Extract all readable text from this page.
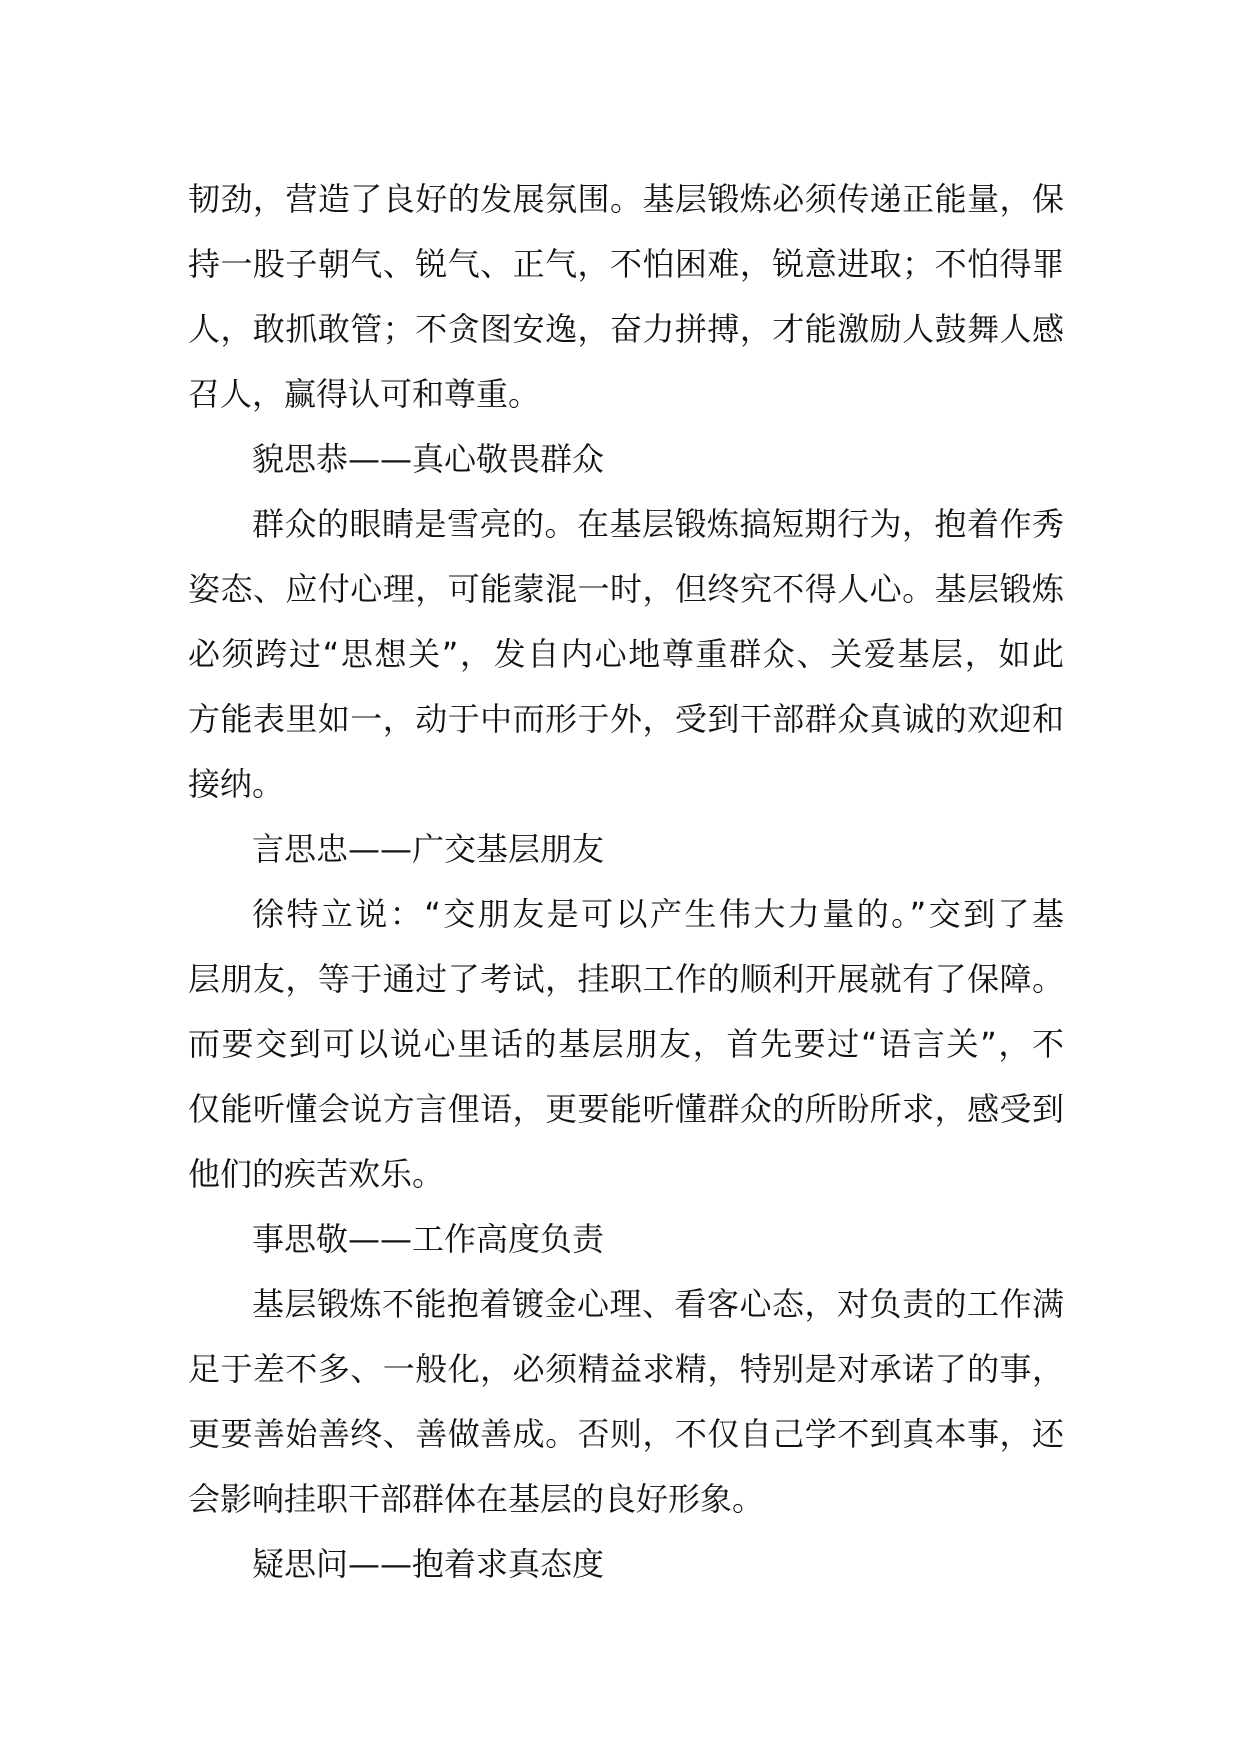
韧劲，营造了良好的发展氛围。基层锻炼必须传递正能量，保
持一股子朝气、锐气、正气，不怕困难，锐意进取；不怕得罪
人，敢抓敢管；不贪图安逸，奋力拼搏，才能激励人鼓舞人感
召人，赢得认可和尊重。
貌思恭——真心敬畏群众
群众的眼睛是雪亮的。在基层锻炼搞短期行为，抱着作秀
姿态、应付心理，可能蒙混一时，但终究不得人心。基层锻炼
必须跨过“思想关”，发自内心地尊重群众、关爱基层，如此
方能表里如一，动于中而形于外，受到干部群众真诚的欢迎和
接纳。
言思忠——广交基层朋友
徐特立说：“交朋友是可以产生伟大力量的。”交到了基
层朋友，等于通过了考试，挂职工作的顺利开展就有了保障。
而要交到可以说心里话的基层朋友，首先要过“语言关”，不
仅能听懂会说方言俚语，更要能听懂群众的所盼所求，感受到
他们的疾苦欢乐。
事思敬——工作高度负责
基层锻炼不能抱着镀金心理、看客心态，对负责的工作满
足于差不多、一般化，必须精益求精，特别是对承诺了的事，
更要善始善终、善做善成。否则，不仅自己学不到真本事，还
会影响挂职干部群体在基层的良好形象。
疑思问——抱着求真态度
